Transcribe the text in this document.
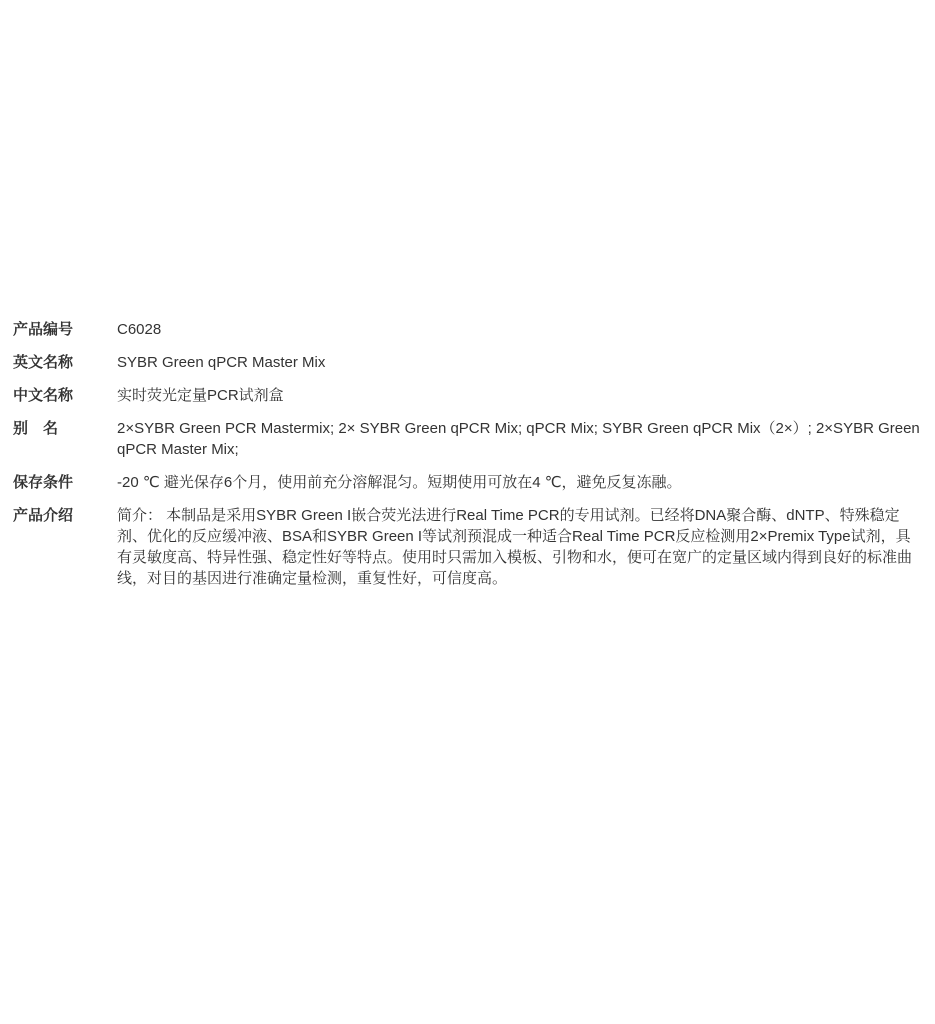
产品编号	C6028
英文名称	SYBR Green qPCR Master Mix
中文名称	实时荧光定量PCR试剂盒
别　名	2×SYBR Green PCR Mastermix; 2× SYBR Green qPCR Mix; qPCR Mix; SYBR Green qPCR Mix（2×）; 2×SYBR Green qPCR Master Mix;
保存条件	-20 ℃ 避光保存6个月，使用前充分溶解混匀。短期使用可放在4 ℃，避免反复冻融。
产品介绍	简介： 本制品是采用SYBR Green I嵌合荧光法进行Real Time PCR的专用试剂。已经将DNA聚合酶、dNTP、特殊稳定剂、优化的反应缓冲液、BSA和SYBR Green I等试剂预混成一种适合Real Time PCR反应检测用2×Premix Type试剂，具有灵敏度高、特异性强、稳定性好等特点。使用时只需加入模板、引物和水，便可在宽广的定量区域内得到良好的标准曲线，对目的基因进行准确定量检测，重复性好，可信度高。
